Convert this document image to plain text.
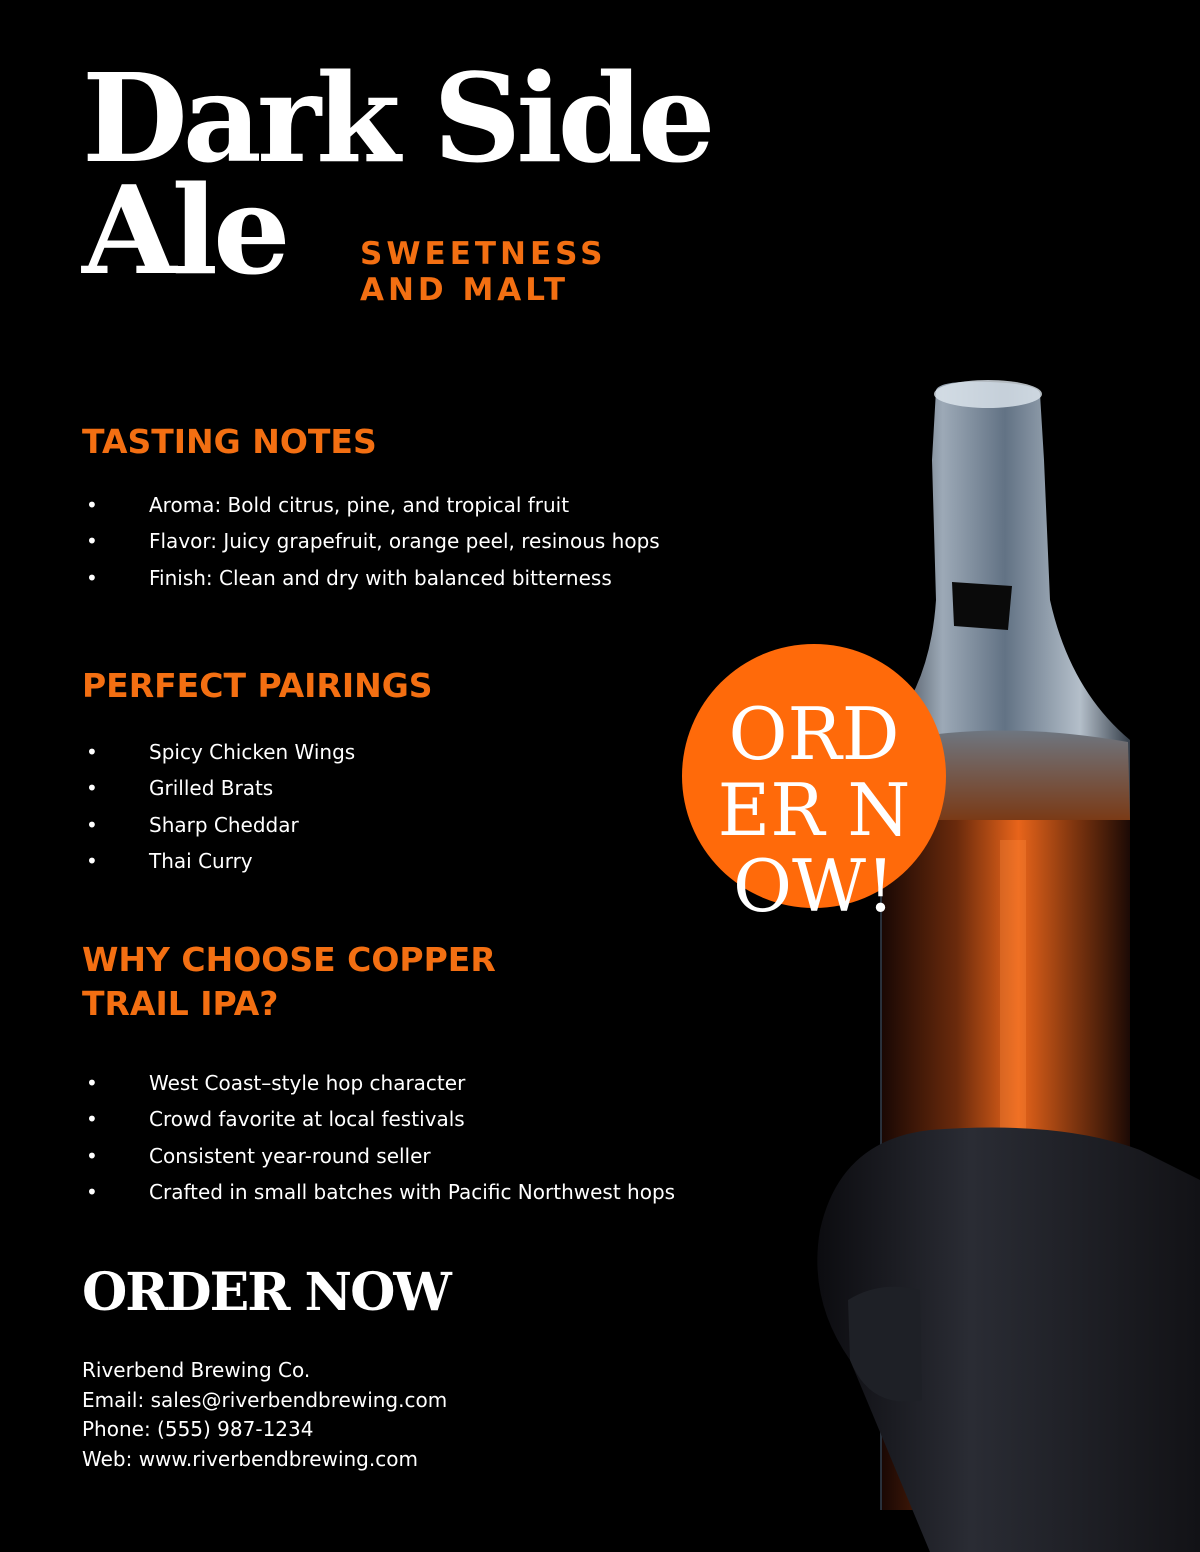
Dark Side
Ale	SWEETNESS
AND MALT
TASTING NOTES
• Aroma: Bold citrus, pine, and tropical fruit
• Flavor: Juicy grapefruit, orange peel, resinous hops
• Finish: Clean and dry with balanced bitterness
PERFECT PAIRINGS
• Spicy Chicken Wings
• Grilled Brats
• Sharp Cheddar
• Thai Curry
WHY CHOOSE COPPER
TRAIL IPA?
• West Coast–style hop character
• Crowd favorite at local festivals
• Consistent year-round seller
• Crafted in small batches with Pacific Northwest hops
ORDER NOW
Riverbend Brewing Co.
Email: sales@riverbendbrewing.com
Phone: (555) 987-1234
Web: www.riverbendbrewing.com
ORDER NOW!
